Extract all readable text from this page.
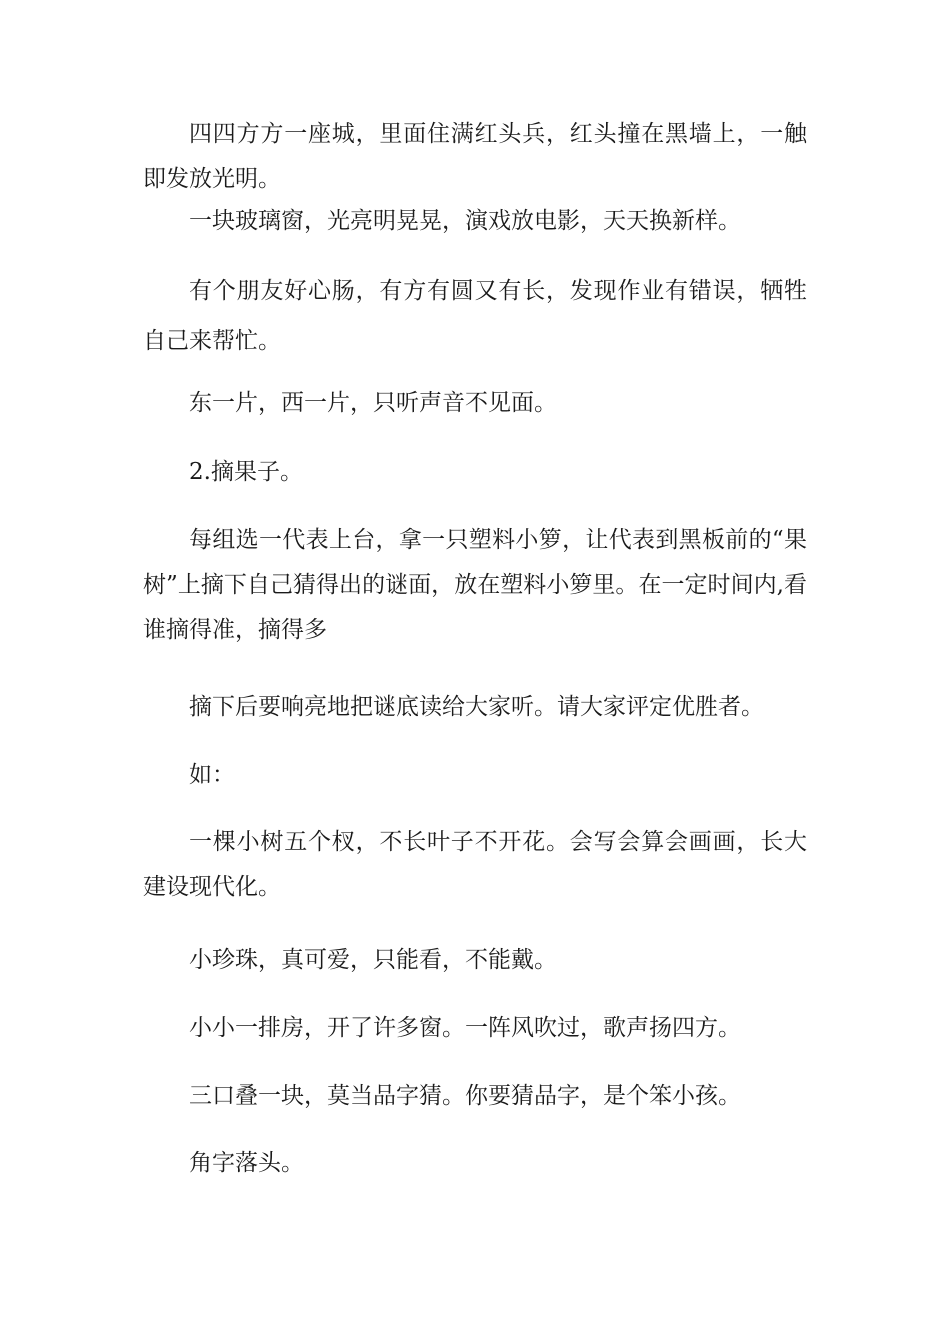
四四方方一座城，里面住满红头兵，红头撞在黑墙上，一触即发放光明。

一块玻璃窗，光亮明晃晃，演戏放电影，天天换新样。

有个朋友好心肠，有方有圆又有长，发现作业有错误，牺牲自己来帮忙。

东一片，西一片，只听声音不见面。

2.摘果子。

每组选一代表上台，拿一只塑料小箩，让代表到黑板前的“果树”上摘下自己猜得出的谜面，放在塑料小箩里。在一定时间内,看谁摘得准，摘得多

摘下后要响亮地把谜底读给大家听。请大家评定优胜者。

如：

一棵小树五个杈，不长叶子不开花。会写会算会画画，长大建设现代化。

小珍珠，真可爱，只能看，不能戴。

小小一排房，开了许多窗。一阵风吹过，歌声扬四方。

三口叠一块，莫当品字猜。你要猜品字，是个笨小孩。

角字落头。
